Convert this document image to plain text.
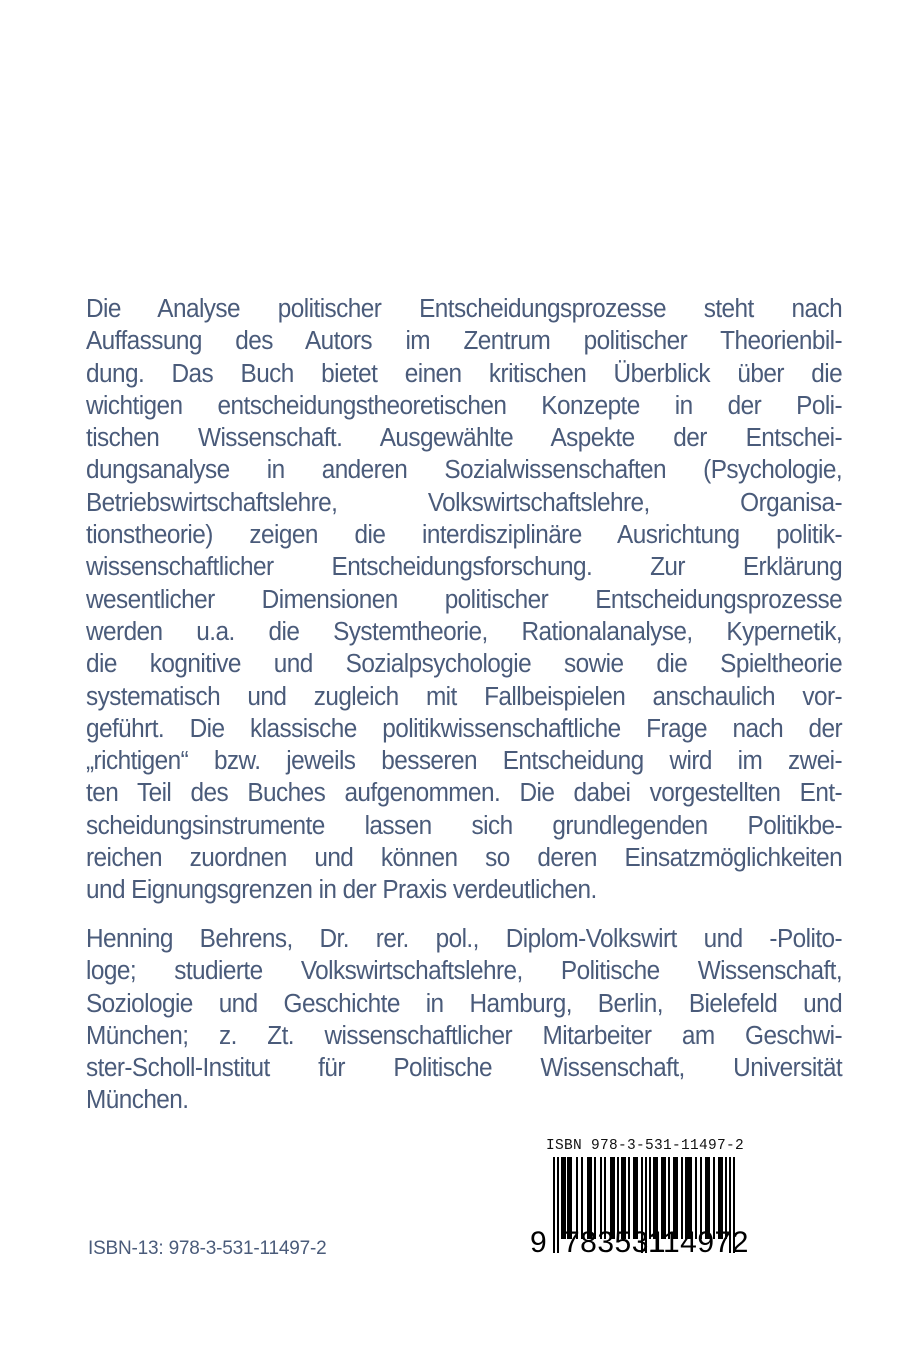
Die Analyse politischer Entscheidungsprozesse steht nach
Auffassung des Autors im Zentrum politischer Theorienbil-
dung. Das Buch bietet einen kritischen Überblick über die
wichtigen entscheidungstheoretischen Konzepte in der Poli-
tischen Wissenschaft. Ausgewählte Aspekte der Entschei-
dungsanalyse in anderen Sozialwissenschaften (Psychologie,
Betriebswirtschaftslehre, Volkswirtschaftslehre, Organisa-
tionstheorie) zeigen die interdisziplinäre Ausrichtung politik-
wissenschaftlicher Entscheidungsforschung. Zur Erklärung
wesentlicher Dimensionen politischer Entscheidungsprozesse
werden u.a. die Systemtheorie, Rationalanalyse, Kypernetik,
die kognitive und Sozialpsychologie sowie die Spieltheorie
systematisch und zugleich mit Fallbeispielen anschaulich vor-
geführt. Die klassische politikwissenschaftliche Frage nach der
„richtigen“ bzw. jeweils besseren Entscheidung wird im zwei-
ten Teil des Buches aufgenommen. Die dabei vorgestellten Ent-
scheidungsinstrumente lassen sich grundlegenden Politikbe-
reichen zuordnen und können so deren Einsatzmöglichkeiten
und Eignungsgrenzen in der Praxis verdeutlichen.
Henning Behrens, Dr. rer. pol., Diplom-Volkswirt und -Polito-
loge; studierte Volkswirtschaftslehre, Politische Wissenschaft,
Soziologie und Geschichte in Hamburg, Berlin, Bielefeld und
München; z. Zt. wissenschaftlicher Mitarbeiter am Geschwi-
ster-Scholl-Institut für Politische Wissenschaft, Universität
München.
ISBN-13: 978-3-531-11497-2
ISBN 978-3-531-11497-2
9 783531
114972
